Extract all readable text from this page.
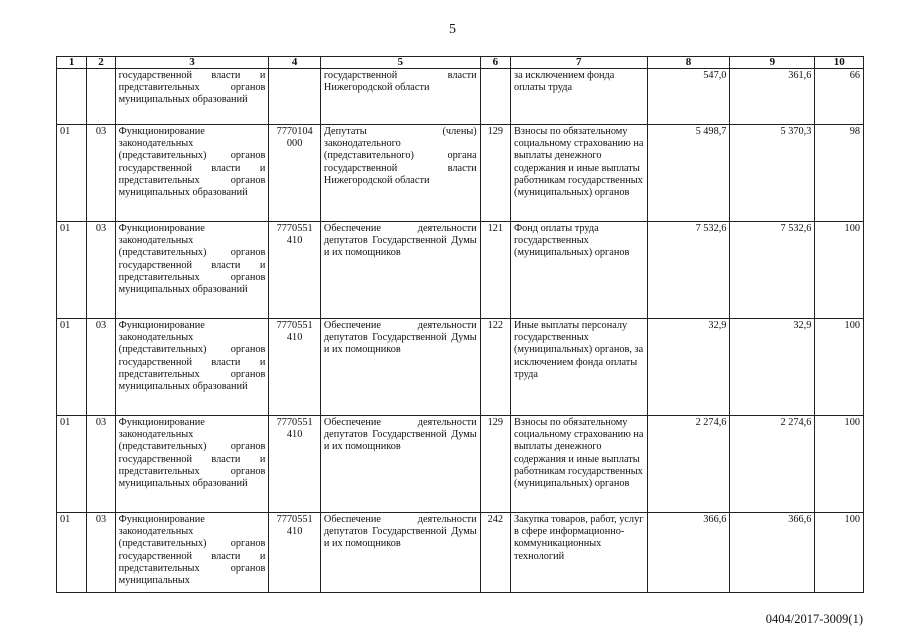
5
1	2	3	4	5	6	7	8	9	10
		государственной власти и представительных органов муниципальных образований		государственной власти Нижегородской области		за исключением фонда оплаты труда	547,0	361,6	66
01	03	Функционирование законодательных (представительных) органов государственной власти и представительных органов муниципальных образований	7770104 000	Депутаты (члены) законодательного (представительного) органа государственной власти Нижегородской области	129	Взносы по обязательному социальному страхованию на выплаты денежного содержания и иные выплаты работникам государственных (муниципальных) органов	5 498,7	5 370,3	98
01	03	Функционирование законодательных (представительных) органов государственной власти и представительных органов муниципальных образований	7770551 410	Обеспечение деятельности депутатов Государственной Думы и их помощников	121	Фонд оплаты труда государственных (муниципальных) органов	7 532,6	7 532,6	100
01	03	Функционирование законодательных (представительных) органов государственной власти и представительных органов муниципальных образований	7770551 410	Обеспечение деятельности депутатов Государственной Думы и их помощников	122	Иные выплаты персоналу государственных (муниципальных) органов, за исключением фонда оплаты труда	32,9	32,9	100
01	03	Функционирование законодательных (представительных) органов государственной власти и представительных органов муниципальных образований	7770551 410	Обеспечение деятельности депутатов Государственной Думы и их помощников	129	Взносы по обязательному социальному страхованию на выплаты денежного содержания и иные выплаты работникам государственных (муниципальных) органов	2 274,6	2 274,6	100
01	03	Функционирование законодательных (представительных) органов государственной власти и представительных органов муниципальных	7770551 410	Обеспечение деятельности депутатов Государственной Думы и их помощников	242	Закупка товаров, работ, услуг в сфере информационно-коммуникационных технологий	366,6	366,6	100
0404/2017-3009(1)
